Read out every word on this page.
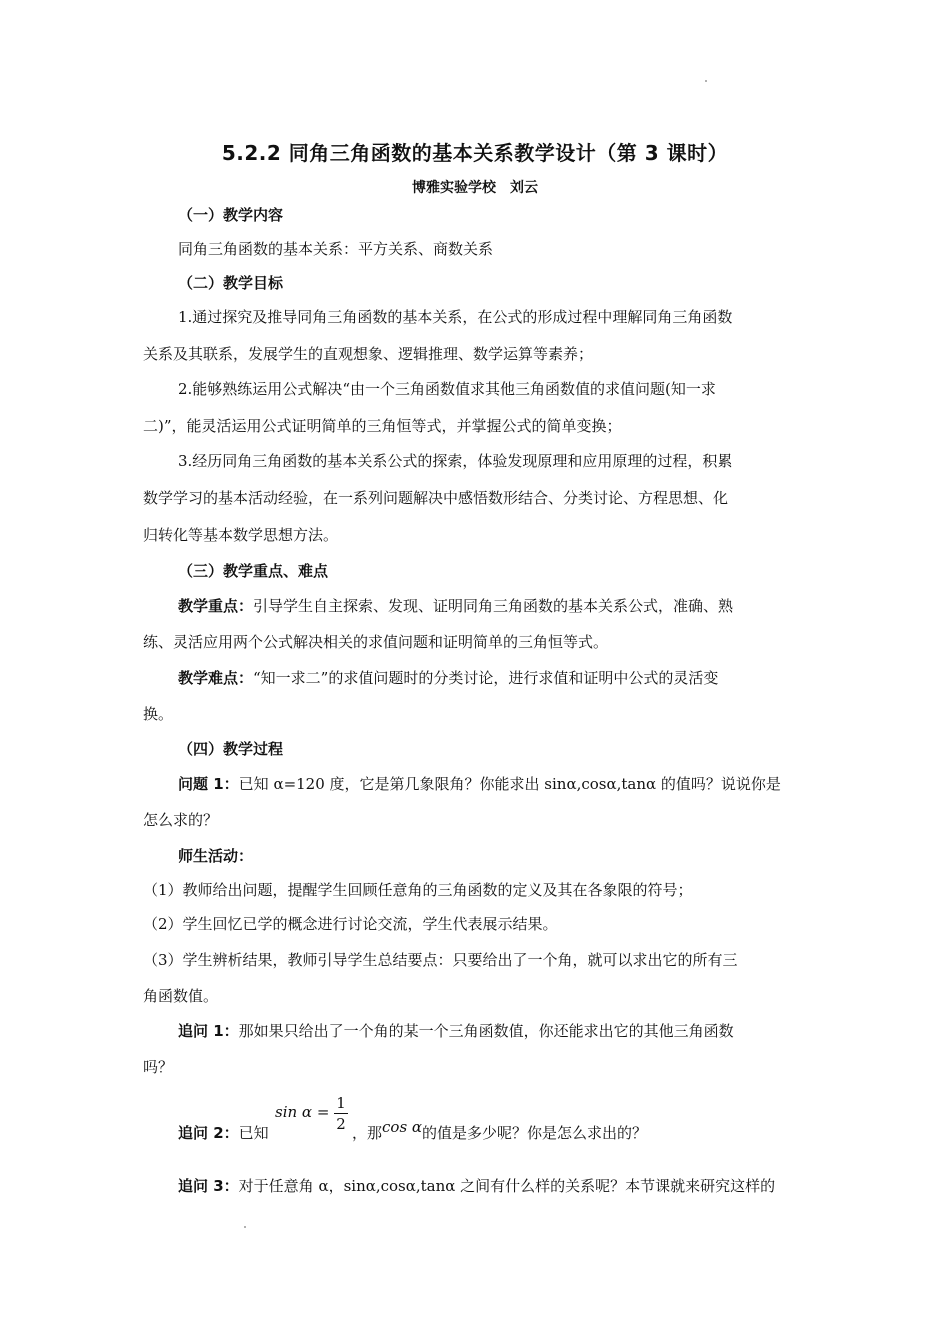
5.2.2 同角三角函数的基本关系教学设计（第 3 课时）
博雅实验学校　刘云
（一）教学内容
同角三角函数的基本关系：平方关系、商数关系
（二）教学目标
1.通过探究及推导同角三角函数的基本关系，在公式的形成过程中理解同角三角函数
关系及其联系，发展学生的直观想象、逻辑推理、数学运算等素养；
2.能够熟练运用公式解决“由一个三角函数值求其他三角函数值的求值问题(知一求
二)”，能灵活运用公式证明简单的三角恒等式，并掌握公式的简单变换；
3.经历同角三角函数的基本关系公式的探索，体验发现原理和应用原理的过程，积累
数学学习的基本活动经验，在一系列问题解决中感悟数形结合、分类讨论、方程思想、化
归转化等基本数学思想方法。
（三）教学重点、难点
教学重点：引导学生自主探索、发现、证明同角三角函数的基本关系公式，准确、熟
练、灵活应用两个公式解决相关的求值问题和证明简单的三角恒等式。
教学难点：“知一求二”的求值问题时的分类讨论，进行求值和证明中公式的灵活变
换。
（四）教学过程
问题 1：已知 α=120 度，它是第几象限角？你能求出 sinα,cosα,tanα 的值吗？说说你是
怎么求的？
师生活动：
（1）教师给出问题，提醒学生回顾任意角的三角函数的定义及其在各象限的符号；
（2）学生回忆已学的概念进行讨论交流，学生代表展示结果。
（3）学生辨析结果，教师引导学生总结要点：只要给出了一个角，就可以求出它的所有三
角函数值。
追问 1：那如果只给出了一个角的某一个三角函数值，你还能求出它的其他三角函数
吗？
追问 2：已知
sin α = 1
2 ，那cos α的值是多少呢？你是怎么求出的？
追问 3：对于任意角 α，sinα,cosα,tanα 之间有什么样的关系呢？本节课就来研究这样的
